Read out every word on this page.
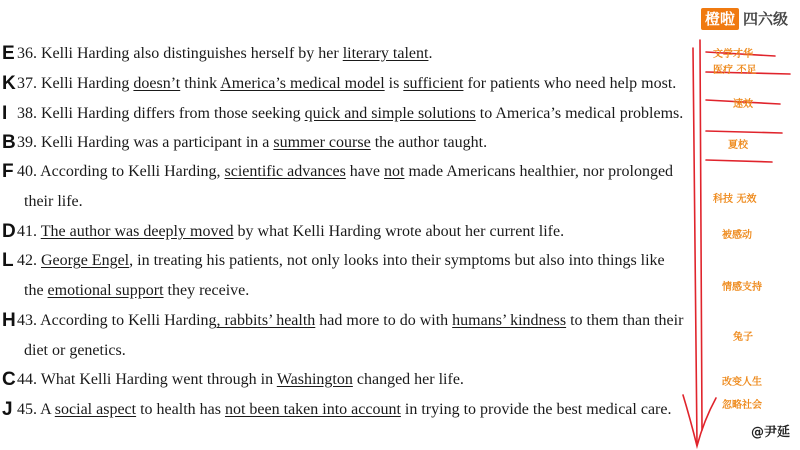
橙啦 四六级
E 36. Kelli Harding also distinguishes herself by her literary talent.
K 37. Kelli Harding doesn’t think America’s medical model is sufficient for patients who need help most.
I 38. Kelli Harding differs from those seeking quick and simple solutions to America’s medical problems.
B 39. Kelli Harding was a participant in a summer course the author taught.
F 40. According to Kelli Harding, scientific advances have not made Americans healthier, nor prolonged
their life.
D 41. The author was deeply moved by what Kelli Harding wrote about her current life.
L 42. George Engel, in treating his patients, not only looks into their symptoms but also into things like
the emotional support they receive.
H 43. According to Kelli Harding, rabbits’ health had more to do with humans’ kindness to them than their
diet or genetics.
C 44. What Kelli Harding went through in Washington changed her life.
J 45. A social aspect to health has not been taken into account in trying to provide the best medical care.
文学才华
医疗 不足
速效
夏校
科技 无效
被感动
情感支持
兔子
改变人生
忽略社会
@尹延
